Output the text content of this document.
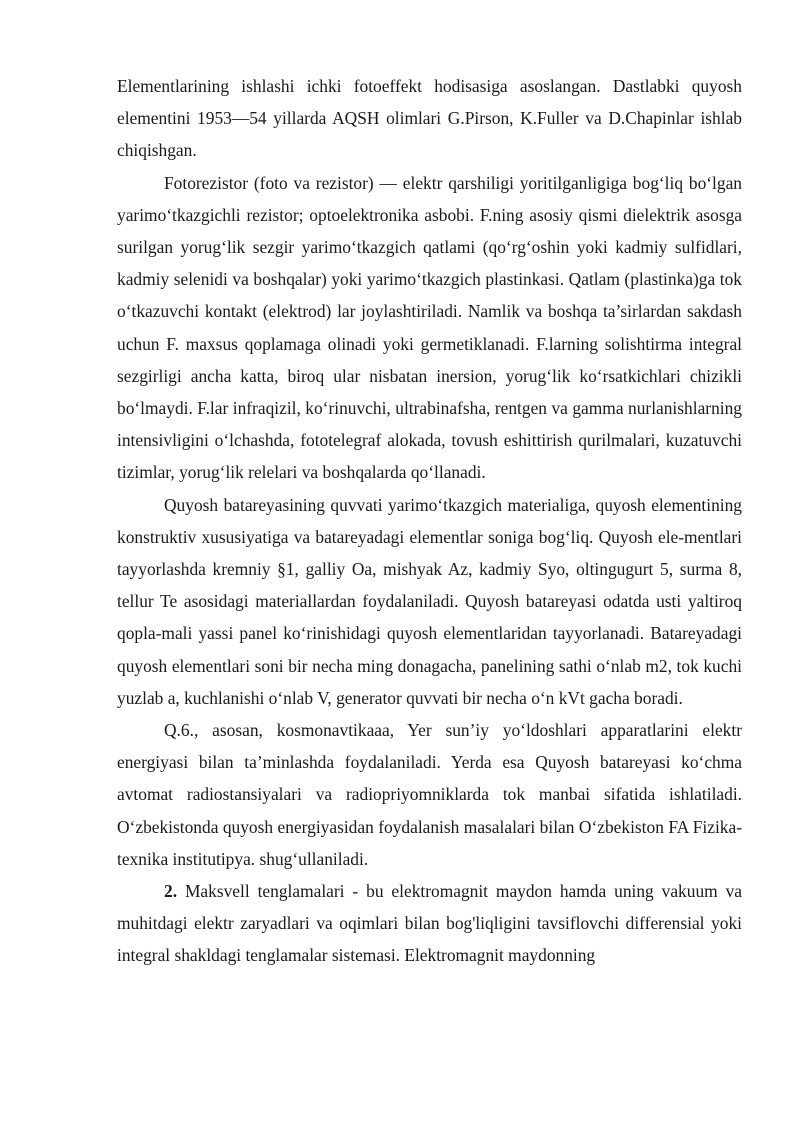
Elementlarining ishlashi ichki fotoeffekt hodisasiga asoslangan. Dastlabki quyosh elementini 1953—54 yillarda AQSH olimlari G.Pirson, K.Fuller va D.Chapinlar ishlab chiqishgan.

Fotorezistor (foto va rezistor) — elektr qarshiligi yoritilganligiga bog‘liq bo‘lgan yarimo‘tkazgichli rezistor; optoelektronika asbobi. F.ning asosiy qismi dielektrik asosga surilgan yorug‘lik sezgir yarimo‘tkazgich qatlami (qo‘rg‘oshin yoki kadmiy sulfidlari, kadmiy selenidi va boshqalar) yoki yarimo‘tkazgich plastinkasi. Qatlam (plastinka)ga tok o‘tkazuvchi kontakt (elektrod) lar joylashtiriladi. Namlik va boshqa ta’sirlardan sakdash uchun F. maxsus qoplamaga olinadi yoki germetiklanadi. F.larning solishtirma integral sezgirligi ancha katta, biroq ular nisbatan inersion, yorug‘lik ko‘rsatkichlari chizikli bo‘lmaydi. F.lar infraqizil, ko‘rinuvchi, ultrabinafsha, rentgen va gamma nurlanishlarning intensivligini o‘lchashda, fototelegraf alokada, tovush eshittirish qurilmalari, kuzatuvchi tizimlar, yorug‘lik relelari va boshqalarda qo‘llanadi.

Quyosh batareyasining quvvati yarimo‘tkazgich materialiga, quyosh elementining konstruktiv xususiyatiga va batareyadagi elementlar soniga bog‘liq. Quyosh ele-mentlari tayyorlashda kremniy §1, galliy Oa, mishyak Az, kadmiy Syo, oltingugurt 5, surma 8, tellur Te asosidagi materiallardan foydalaniladi. Quyosh batareyasi odatda usti yaltiroq qopla-mali yassi panel ko‘rinishidagi quyosh elementlaridan tayyorlanadi. Batareyadagi quyosh elementlari soni bir necha ming donagacha, panelining sathi o‘nlab m2, tok kuchi yuzlab a, kuchlanishi o‘nlab V, generator quvvati bir necha o‘n kVt gacha boradi.

Q.6., asosan, kosmonavtikaaa, Yer sun’iy yo‘ldoshlari apparatlarini elektr energiyasi bilan ta’minlashda foydalaniladi. Yerda esa Quyosh batareyasi ko‘chma avtomat radiostansiyalari va radiopriyomniklarda tok manbai sifatida ishlatiladi. O‘zbekistonda quyosh energiyasidan foydalanish masalalari bilan O‘zbekiston FA Fizika-texnika institutipya. shug‘ullaniladi.

2. Maksvell tenglamalari - bu elektromagnit maydon hamda uning vakuum va muhitdagi elektr zaryadlari va oqimlari bilan bog'liqligini tavsiflovchi differensial yoki integral shakldagi tenglamalar sistemasi. Elektromagnit maydonning
